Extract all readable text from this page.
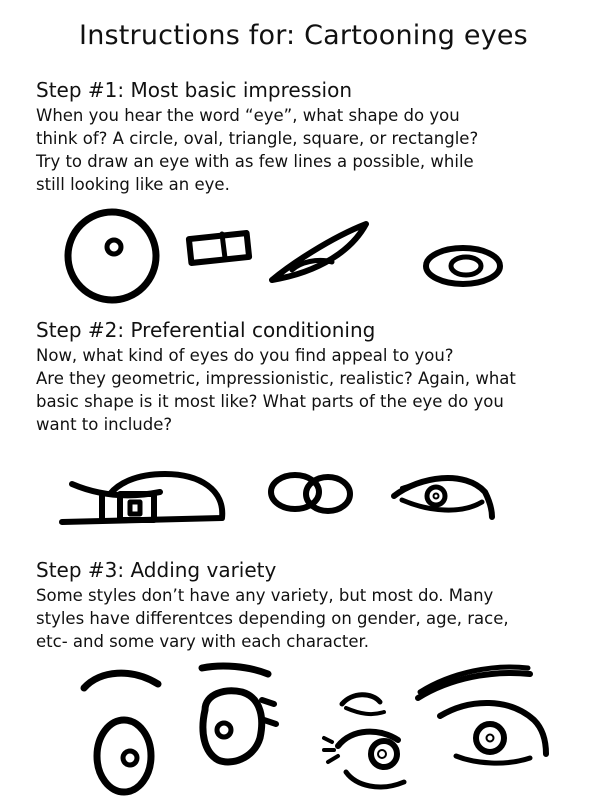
Instructions for: Cartooning eyes
Step #1: Most basic impression
When you hear the word “eye”, what shape do you
think of? A circle, oval, triangle, square, or rectangle?
Try to draw an eye with as few lines a possible, while
still looking like an eye.
Step #2: Preferential conditioning
Now, what kind of eyes do you find appeal to you?
Are they geometric, impressionistic, realistic? Again, what
basic shape is it most like? What parts of the eye do you
want to include?
Step #3: Adding variety
Some styles don’t have any variety, but most do. Many
styles have differentces depending on gender, age, race,
etc- and some vary with each character.
